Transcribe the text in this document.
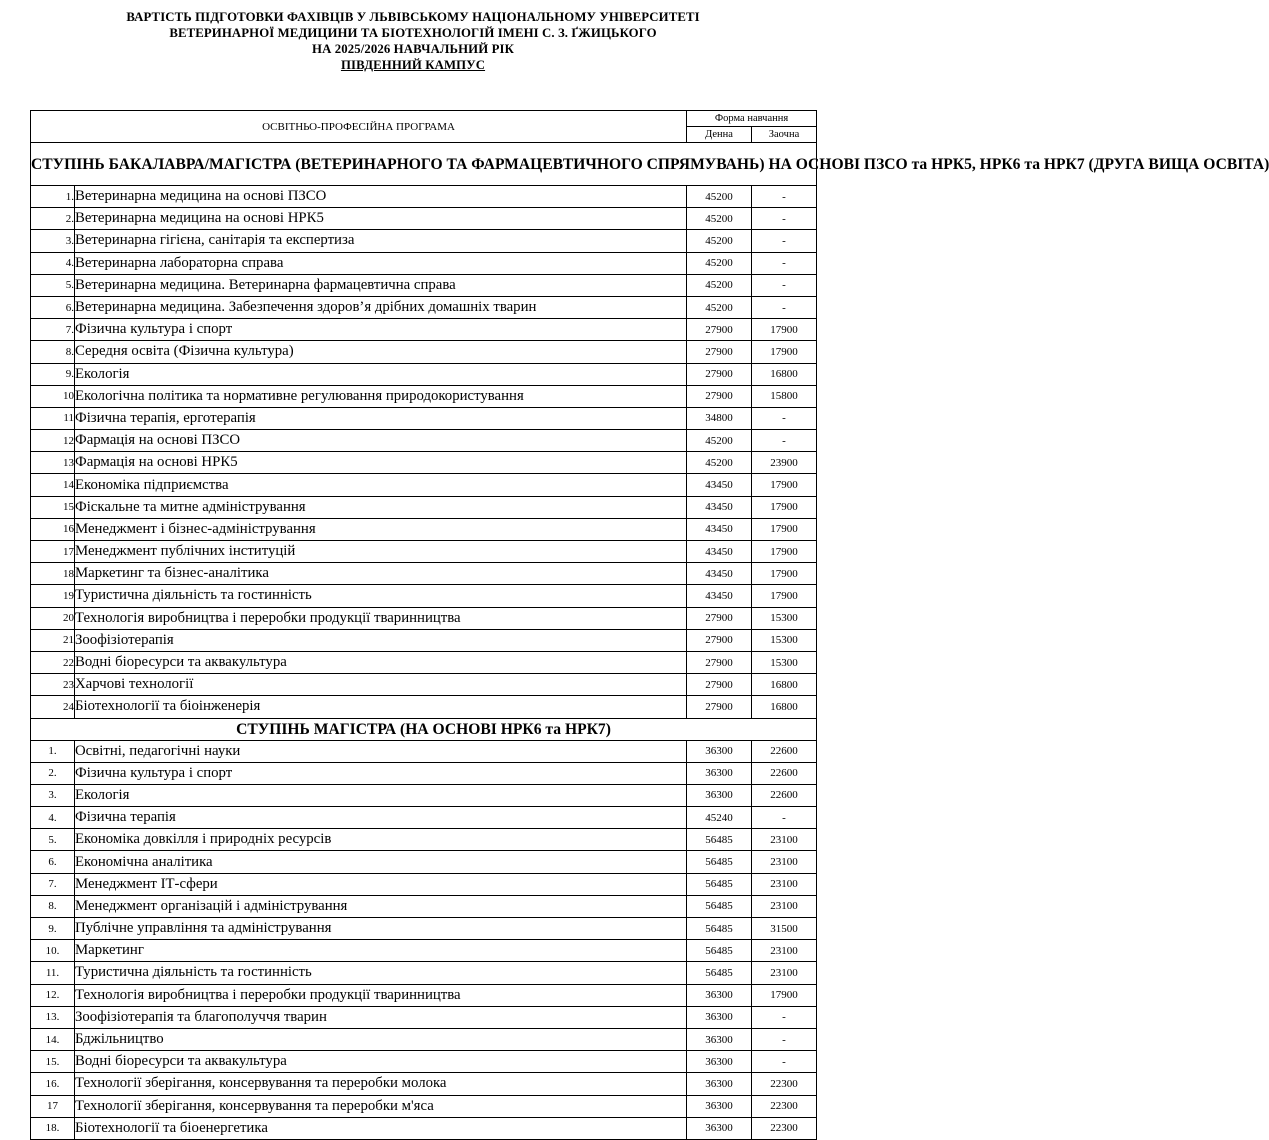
ВАРТІСТЬ ПІДГОТОВКИ ФАХІВЦІВ У ЛЬВІВСЬКОМУ НАЦІОНАЛЬНОМУ УНІВЕРСИТЕТІ
ВЕТЕРИНАРНОЇ МЕДИЦИНИ ТА БІОТЕХНОЛОГІЙ ІМЕНІ С. З. ҐЖИЦЬКОГО
НА 2025/2026 НАВЧАЛЬНИЙ РІК
ПІВДЕННИЙ КАМПУС
ОСВІТНЬО-ПРОФЕСІЙНА ПРОГРАМА		Форма навчання	
		Денна	Заочна
СТУПІНЬ БАКАЛАВРА/МАГІСТРА (ВЕТЕРИНАРНОГО ТА ФАРМАЦЕВТИЧНОГО СПРЯМУВАНЬ) НА ОСНОВІ ПЗСО та НРК5, НРК6 та НРК7 (ДРУГА ВИЩА ОСВІТА)			
1.	Ветеринарна медицина на основі ПЗСО	45200	-
2.	Ветеринарна медицина на основі НРК5	45200	-
3.	Ветеринарна гігієна, санітарія та експертиза	45200	-
4.	Ветеринарна лабораторна справа	45200	-
5.	Ветеринарна медицина. Ветеринарна фармацевтична справа	45200	-
6.	Ветеринарна медицина. Забезпечення здоров’я дрібних домашніх тварин	45200	-
7.	Фізична культура і спорт	27900	17900
8.	Середня освіта (Фізична культура)	27900	17900
9.	Екологія	27900	16800
10	Екологічна політика та нормативне регулювання природокористування	27900	15800
11	Фізична терапія, ерготерапія	34800	-
12	Фармація на основі ПЗСО	45200	-
13	Фармація на основі НРК5	45200	23900
14	Економіка підприємства	43450	17900
15	Фіскальне та митне адміністрування	43450	17900
16	Менеджмент і бізнес-адміністрування	43450	17900
17	Менеджмент публічних інституцій	43450	17900
18	Маркетинг та бізнес-аналітика	43450	17900
19	Туристична діяльність та гостинність	43450	17900
20	Технологія виробництва і переробки продукції тваринництва	27900	15300
21	Зоофізіотерапія	27900	15300
22	Водні біоресурси та аквакультура	27900	15300
23	Харчові технології	27900	16800
24	Біотехнології та біоінженерія	27900	16800
СТУПІНЬ МАГІСТРА (НА ОСНОВІ НРК6 та НРК7)			
1.	Освітні, педагогічні науки	36300	22600
2.	Фізична культура і спорт	36300	22600
3.	Екологія	36300	22600
4.	Фізична терапія	45240	-
5.	Економіка довкілля і природніх ресурсів	56485	23100
6.	Економічна аналітика	56485	23100
7.	Менеджмент ІТ-сфери	56485	23100
8.	Менеджмент організацій і адміністрування	56485	23100
9.	Публічне управління та адміністрування	56485	31500
10.	Маркетинг	56485	23100
11.	Туристична діяльність та гостинність	56485	23100
12.	Технологія виробництва і переробки продукції тваринництва	36300	17900
13.	Зоофізіотерапія та благополуччя тварин	36300	-
14.	Бджільництво	36300	-
15.	Водні біоресурси та аквакультура	36300	-
16.	Технології зберігання, консервування та переробки молока	36300	22300
17	Технології зберігання, консервування та переробки м'яса	36300	22300
18.	Біотехнології та біоенергетика	36300	22300
